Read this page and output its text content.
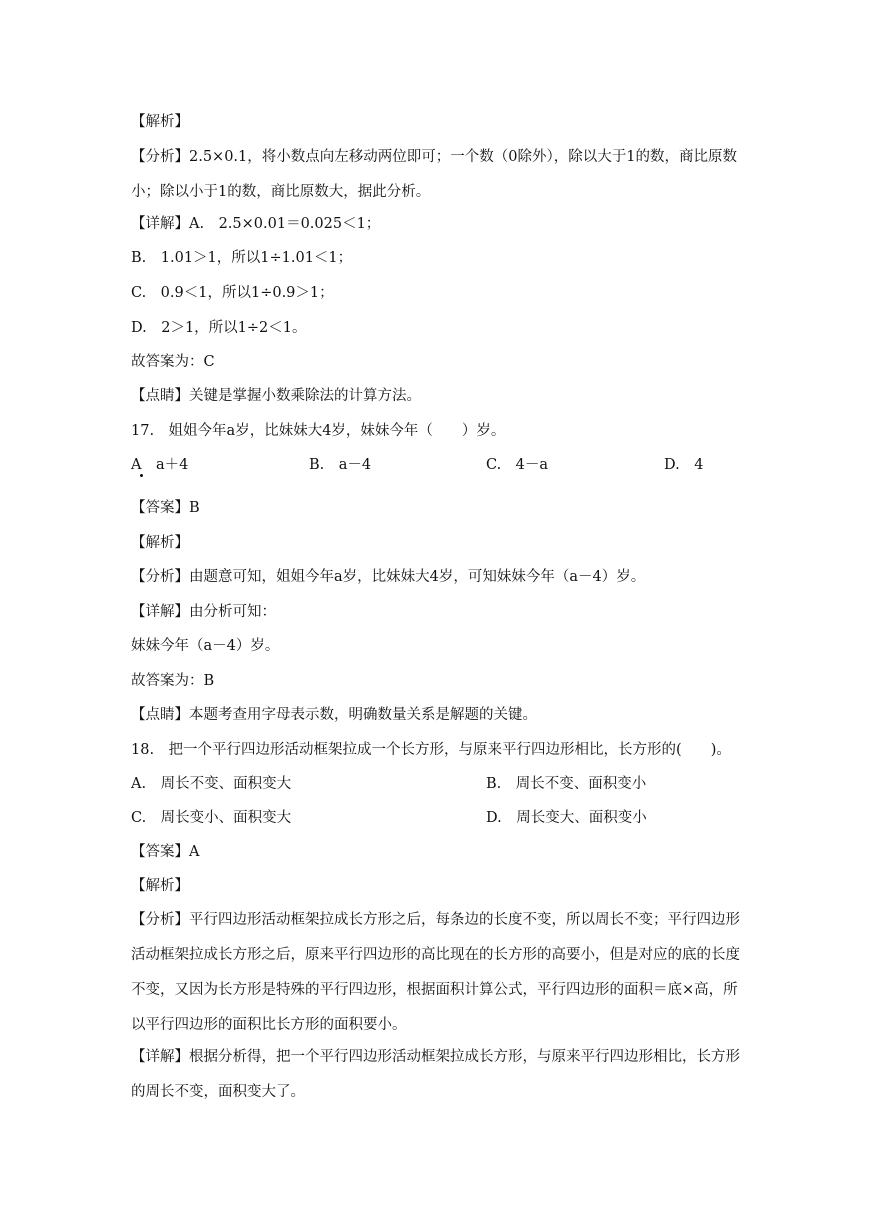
【解析】
【分析】2.5×0.1，将小数点向左移动两位即可；一个数（0除外），除以大于1的数，商比原数小；除以小于1的数，商比原数大，据此分析。
【详解】A.　2.5×0.01＝0.025＜1；
B.　1.01＞1，所以1÷1.01＜1；
C.　0.9＜1，所以1÷0.9＞1；
D.　2＞1，所以1÷2＜1。
故答案为：C
【点睛】关键是掌握小数乘除法的计算方法。
17.　姐姐今年a岁，比妹妹大4岁，妹妹今年（　　）岁。
A　a＋4	B.　a－4	C.　4－a	D.　4
【答案】B
【解析】
【分析】由题意可知，姐姐今年a岁，比妹妹大4岁，可知妹妹今年（a－4）岁。
【详解】由分析可知：
妹妹今年（a－4）岁。
故答案为：B
【点睛】本题考查用字母表示数，明确数量关系是解题的关键。
18.　把一个平行四边形活动框架拉成一个长方形，与原来平行四边形相比，长方形的(　　)。
A.　周长不变、面积变大	B.　周长不变、面积变小
C.　周长变小、面积变大	D.　周长变大、面积变小
【答案】A
【解析】
【分析】平行四边形活动框架拉成长方形之后，每条边的长度不变，所以周长不变；平行四边形活动框架拉成长方形之后，原来平行四边形的高比现在的长方形的高要小，但是对应的底的长度不变，又因为长方形是特殊的平行四边形，根据面积计算公式，平行四边形的面积＝底×高，所以平行四边形的面积比长方形的面积要小。
【详解】根据分析得，把一个平行四边形活动框架拉成长方形，与原来平行四边形相比，长方形的周长不变，面积变大了。
